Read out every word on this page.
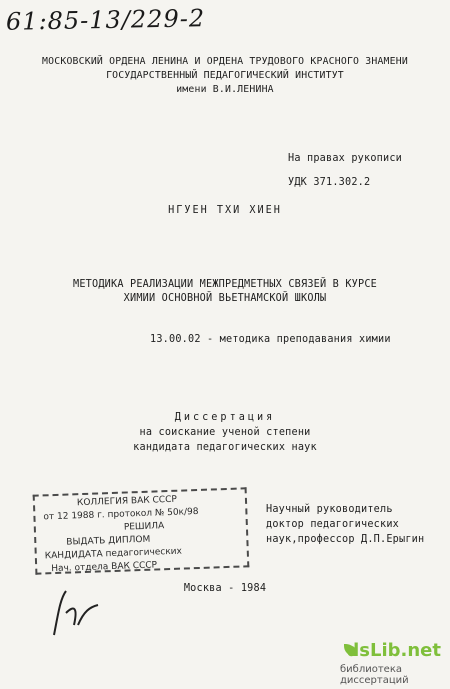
61:85-13/229-2
МОСКОВСКИЙ ОРДЕНА ЛЕНИНА И ОРДЕНА ТРУДОВОГО КРАСНОГО ЗНАМЕНИ
ГОСУДАРСТВЕННЫЙ ПЕДАГОГИЧЕСКИЙ ИНСТИТУТ
имени В.И.ЛЕНИНА
На правах рукописи
УДК 371.302.2
НГУЕН ТХИ ХИЕН
МЕТОДИКА РЕАЛИЗАЦИИ МЕЖПРЕДМЕТНЫХ СВЯЗЕЙ В КУРСЕ
ХИМИИ ОСНОВНОЙ ВЬЕТНАМСКОЙ ШКОЛЫ
13.00.02 - методика преподавания химии
Диссертация
на соискание ученой степени
кандидата педагогических наук
КОЛЛЕГИЯ ВАК СССР
от 12 1988 г. протокол № 50к/98
РЕШИЛА
ВЫДАТЬ ДИПЛОМ
КАНДИДАТА педагогических
Нач. отдела ВАК СССР
Научный руководитель
доктор педагогических
наук,профессор Д.П.Ерыгин
Москва - 1984
dsLib.net
библиотека диссертаций
